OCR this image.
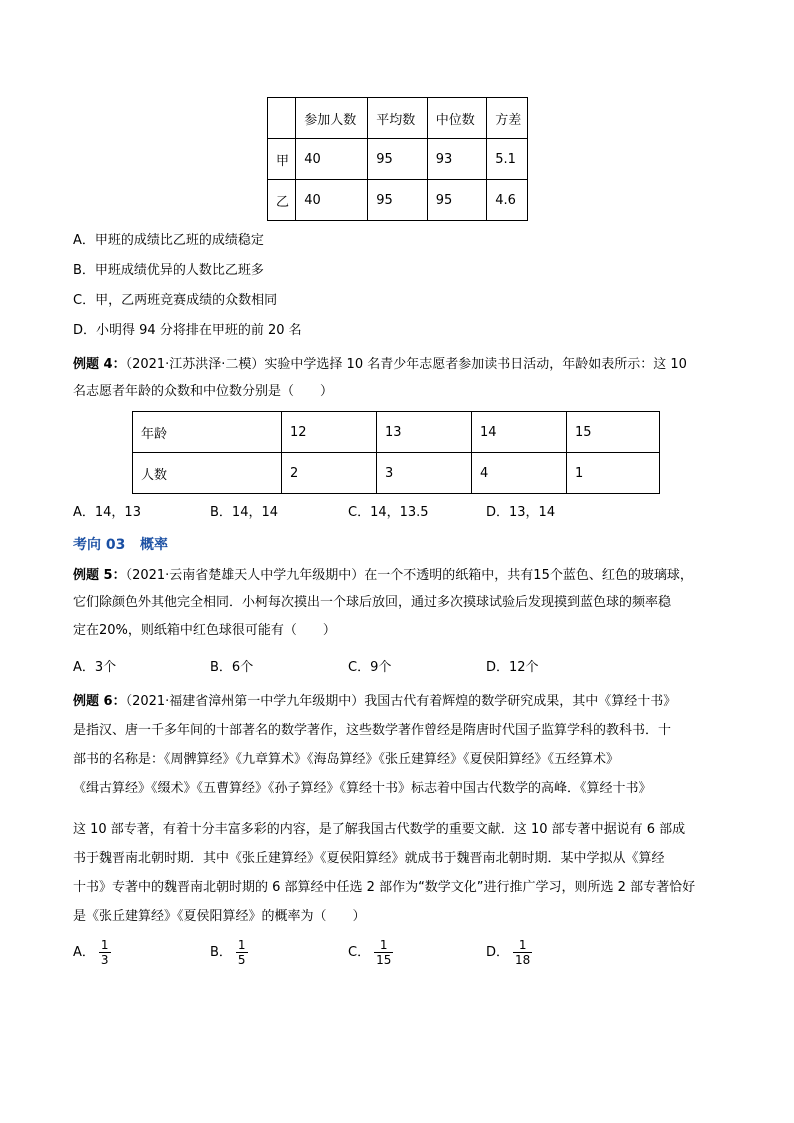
	参加人数	平均数	中位数	方差
甲	40	95	93	5.1
乙	40	95	95	4.6
A．甲班的成绩比乙班的成绩稳定
B．甲班成绩优异的人数比乙班多
C．甲，乙两班竞赛成绩的众数相同
D．小明得 94 分将排在甲班的前 20 名
例题 4：（2021·江苏洪泽·二模）实验中学选择 10 名青少年志愿者参加读书日活动，年龄如表所示：这 10
名志愿者年龄的众数和中位数分别是（　　）
年龄	12	13	14	15
人数	2	3	4	1
A．14，13	B．14，14	C．14，13.5	D．13，14
考向 03 概率
例题 5：（2021·云南省楚雄天人中学九年级期中）在一个不透明的纸箱中，共有15个蓝色、红色的玻璃球，
它们除颜色外其他完全相同．小柯每次摸出一个球后放回，通过多次摸球试验后发现摸到蓝色球的频率稳
定在20%，则纸箱中红色球很可能有（　　）
A．3个	B．6个	C．9个	D．12个
例题 6：（2021·福建省漳州第一中学九年级期中）我国古代有着辉煌的数学研究成果，其中《算经十书》
是指汉、唐一千多年间的十部著名的数学著作，这些数学著作曾经是隋唐时代国子监算学科的教科书．十
部书的名称是：《周髀算经》《九章算术》《海岛算经》《张丘建算经》《夏侯阳算经》《五经算术》
《缉古算经》《缀术》《五曹算经》《孙子算经》《算经十书》标志着中国古代数学的高峰．《算经十书》
这 10 部专著，有着十分丰富多彩的内容，是了解我国古代数学的重要文献．这 10 部专著中据说有 6 部成
书于魏晋南北朝时期．其中《张丘建算经》《夏侯阳算经》就成书于魏晋南北朝时期．某中学拟从《算经
十书》专著中的魏晋南北朝时期的 6 部算经中任选 2 部作为“数学文化”进行推广学习，则所选 2 部专著恰好
是《张丘建算经》《夏侯阳算经》的概率为（　　）
A． $\frac{1}{3}$	B． $\frac{1}{5}$	C． $\frac{1}{15}$	D． $\frac{1}{18}$
